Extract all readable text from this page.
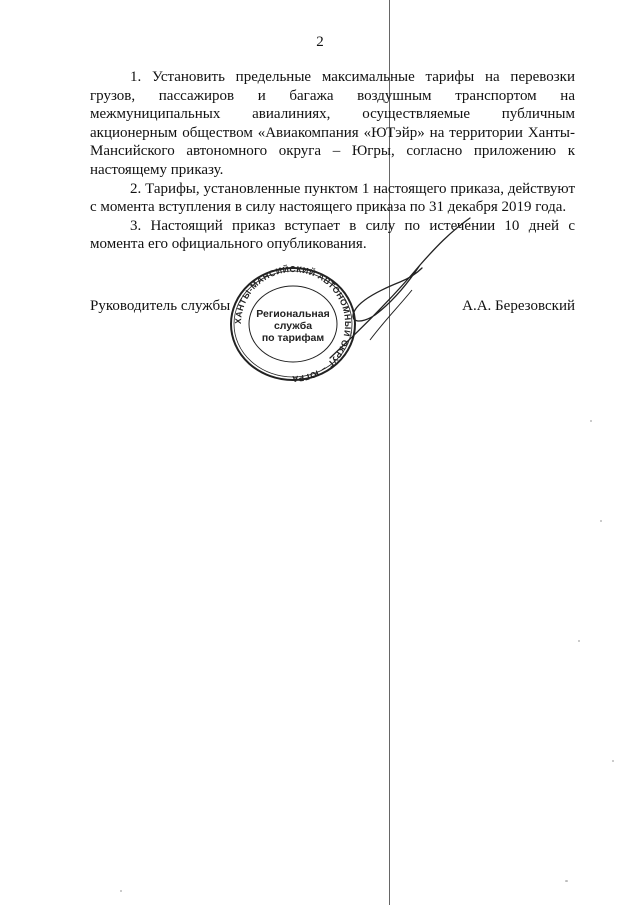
2

1. Установить предельные максимальные тарифы на перевозки грузов, пассажиров и багажа воздушным транспортом на межмуниципальных авиалиниях, осуществляемые публичным акционерным обществом «Авиакомпания «ЮТэйр» на территории Ханты-Мансийского автономного округа – Югры, согласно приложению к настоящему приказу.

2. Тарифы, установленные пунктом 1 настоящего приказа, действуют с момента вступления в силу настоящего приказа по 31 декабря 2019 года.

3. Настоящий приказ вступает в силу по истечении 10 дней с момента его официального опубликования.

Руководитель службы	А.А. Березовский
ХАНТЫ-МАНСИЙСКИЙ АВТОНОМНЫЙ ОКРУГ – ЮГРА
Региональная
служба
по тарифам
